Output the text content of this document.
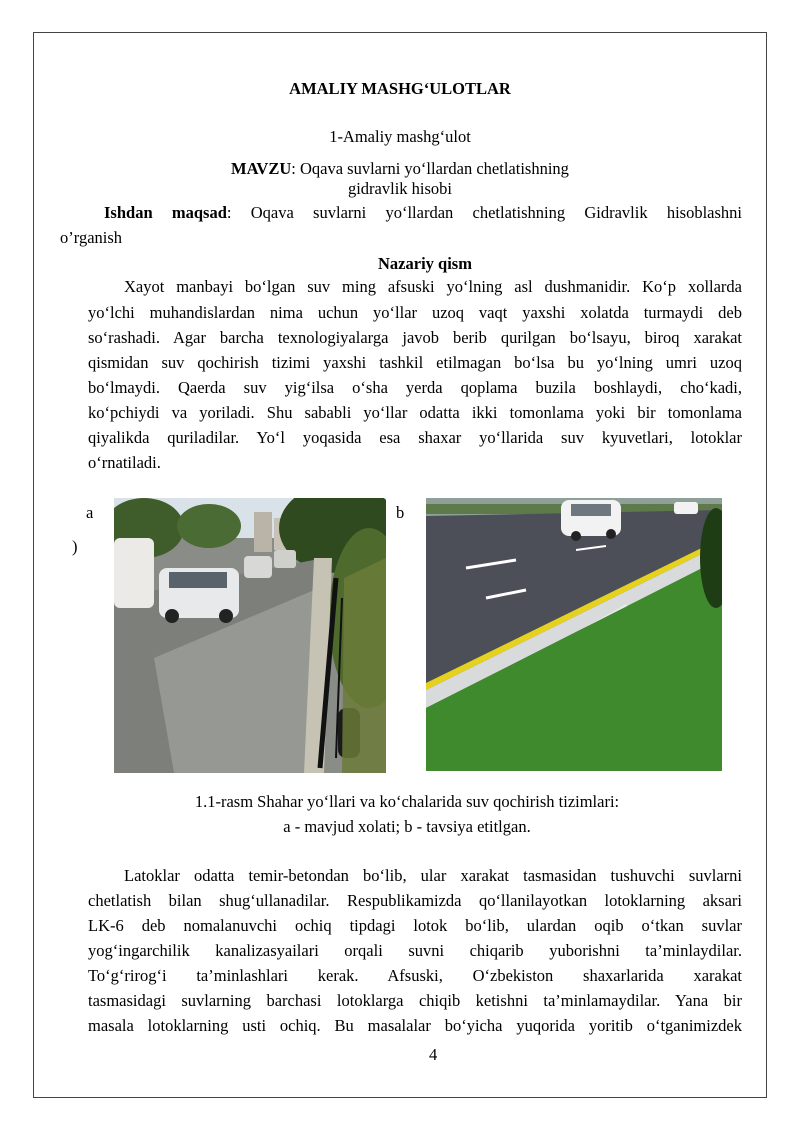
AMALIY MASHG‘ULOTLAR
1-Amaliy mashg‘ulot
MAVZU: Oqava suvlarni yo‘llardan chetlatishning
gidravlik hisobi
Ishdan maqsad: Oqava suvlarni yo‘llardan chetlatishning Gidravlik hisoblashni
o’rganish
Nazariy qism
Xayot manbayi bo‘lgan suv ming afsuski yo‘lning asl dushmanidir. Ko‘p xollarda
yo‘lchi muhandislardan nima uchun yo‘llar uzoq vaqt yaxshi xolatda turmaydi deb
so‘rashadi. Agar barcha texnologiyalarga javob berib qurilgan bo‘lsayu, biroq xarakat
qismidan suv qochirish tizimi yaxshi tashkil etilmagan bo‘lsa bu yo‘lning umri uzoq
bo‘lmaydi. Qaerda suv yig‘ilsa o‘sha yerda qoplama buzila boshlaydi, cho‘kadi,
ko‘pchiydi va yoriladi. Shu sababli yo‘llar odatta ikki tomonlama yoki bir tomonlama
qiyalikda quriladilar. Yo‘l yoqasida esa shaxar yo‘llarida suv kyuvetlari, lotoklar
o‘rnatiladi.
a
)
b
1.1-rasm Shahar yo‘llari va ko‘chalarida suv qochirish tizimlari:
a - mavjud xolati; b - tavsiya etitlgan.
Latoklar odatta temir-betondan bo‘lib, ular xarakat tasmasidan tushuvchi suvlarni
chetlatish bilan shug‘ullanadilar. Respublikamizda qo‘llanilayotkan lotoklarning aksari
LK-6 deb nomalanuvchi ochiq tipdagi lotok bo‘lib, ulardan oqib o‘tkan suvlar
yog‘ingarchilik kanalizasyailari orqali suvni chiqarib yuborishni ta’minlaydilar.
To‘g‘rirog‘i ta’minlashlari kerak. Afsuski, O‘zbekiston shaxarlarida xarakat
tasmasidagi suvlarning barchasi lotoklarga chiqib ketishni ta’minlamaydilar. Yana bir
masala lotoklarning usti ochiq. Bu masalalar bo‘yicha yuqorida yoritib o‘tganimizdek
4
